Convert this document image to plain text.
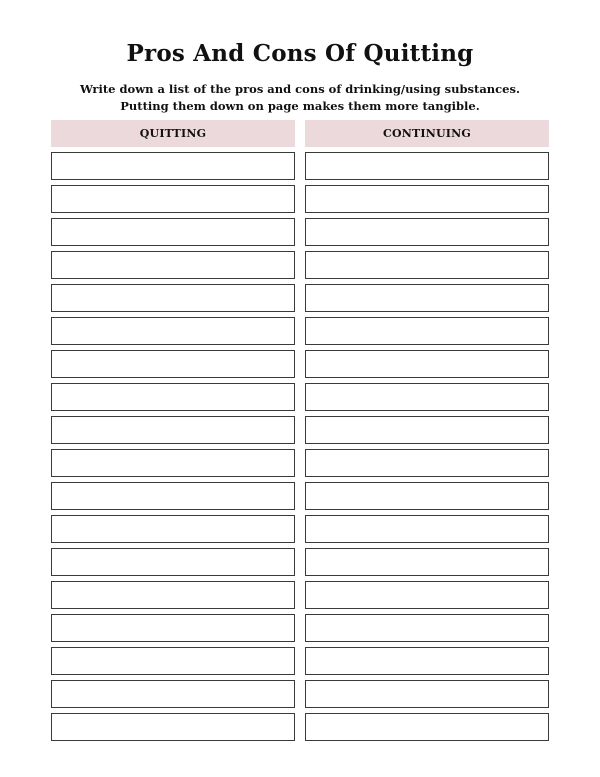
Pros And Cons Of Quitting
Write down a list of the pros and cons of drinking/using substances.
Putting them down on page makes them more tangible.
QUITTING	CONTINUING
